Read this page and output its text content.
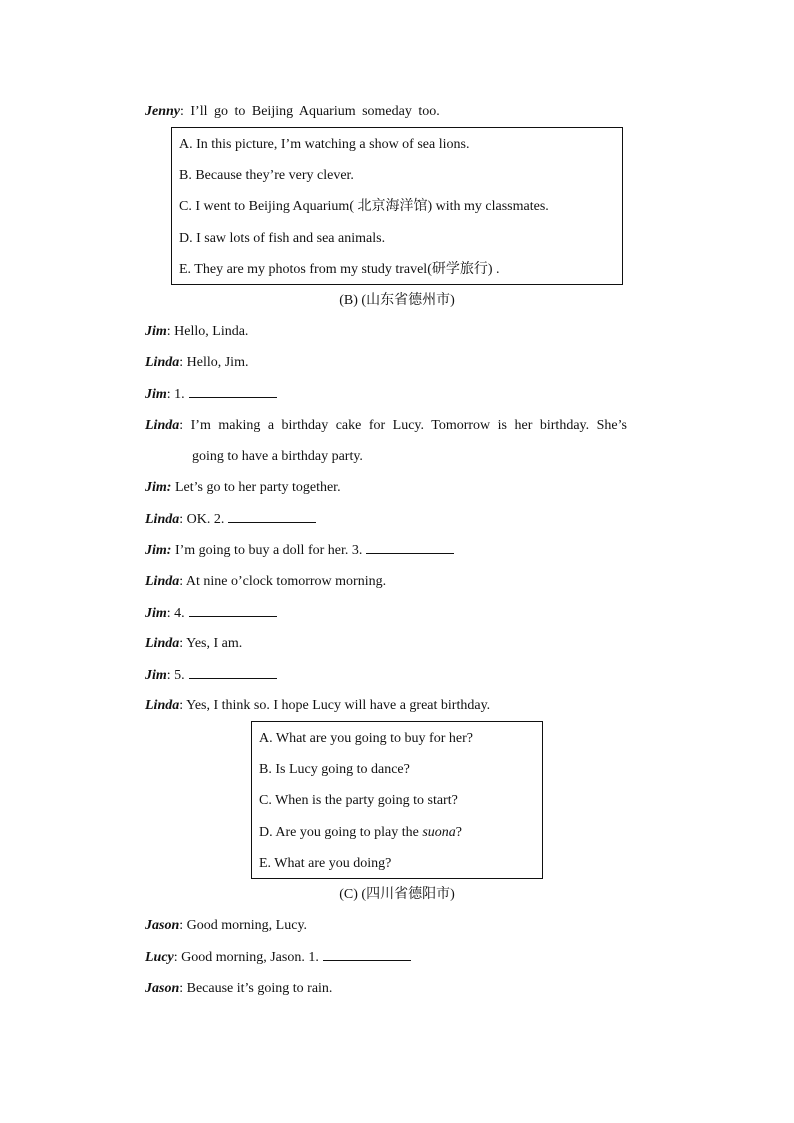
Jenny: I’ll go to Beijing Aquarium someday too.
A. In this picture, I’m watching a show of sea lions.
B. Because they’re very clever.
C. I went to Beijing Aquarium( 北京海洋馆) with my classmates.
D. I saw lots of fish and sea animals.
E. They are my photos from my study travel(研学旅行) .
(B) (山东省德州市)
Jim: Hello, Linda.
Linda: Hello, Jim.
Jim: 1.
Linda: I’m making a birthday cake for Lucy. Tomorrow is her birthday. She’s
going to have a birthday party.
Jim: Let’s go to her party together.
Linda: OK. 2.
Jim: I’m going to buy a doll for her. 3.
Linda: At nine o’clock tomorrow morning.
Jim: 4.
Linda: Yes, I am.
Jim: 5.
Linda: Yes, I think so. I hope Lucy will have a great birthday.
A. What are you going to buy for her?
B. Is Lucy going to dance?
C. When is the party going to start?
D. Are you going to play the suona?
E. What are you doing?
(C) (四川省德阳市)
Jason: Good morning, Lucy.
Lucy: Good morning, Jason. 1.
Jason: Because it’s going to rain.
